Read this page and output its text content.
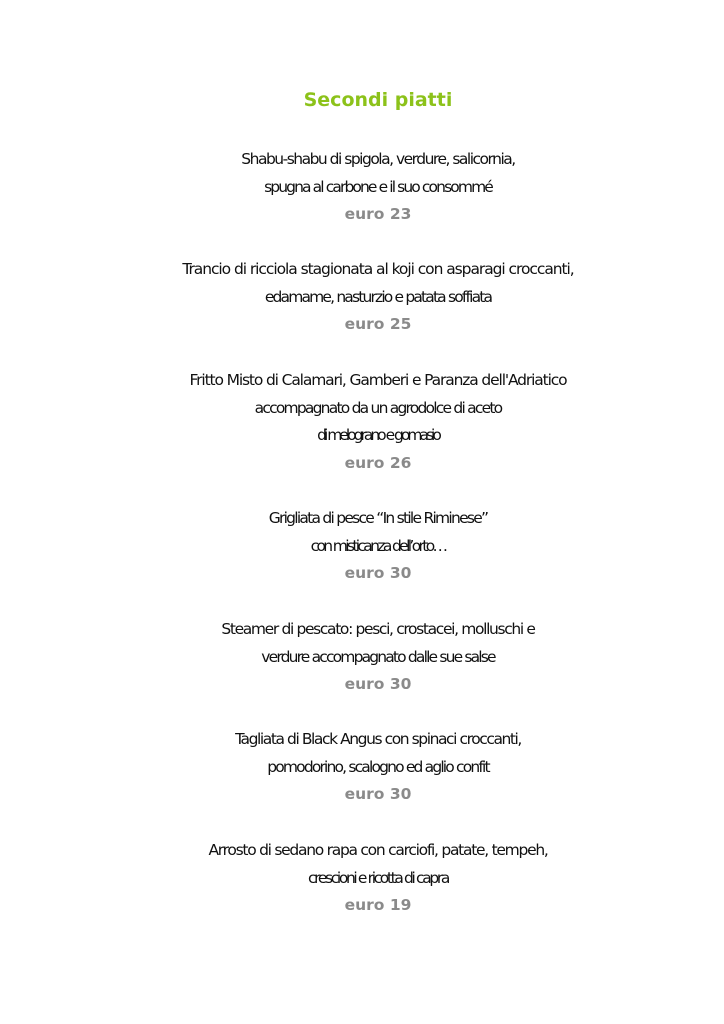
Secondi piatti
Shabu-shabu di spigola, verdure, salicornia,
spugna al carbone e il suo consommé
euro 23
Trancio di ricciola stagionata al koji con asparagi croccanti,
edamame, nasturzio e patata soffiata
euro 25
Fritto Misto di Calamari, Gamberi e Paranza dell'Adriatico
accompagnato da un agrodolce di aceto
di melograno e gomasio
euro 26
Grigliata di pesce “In stile Riminese”
con misticanza dell’orto…
euro 30
Steamer di pescato: pesci, crostacei, molluschi e
verdure accompagnato dalle sue salse
euro 30
Tagliata di Black Angus con spinaci croccanti,
pomodorino, scalogno ed aglio confit
euro 30
Arrosto di sedano rapa con carciofi, patate, tempeh,
crescioni e ricotta di capra
euro 19
